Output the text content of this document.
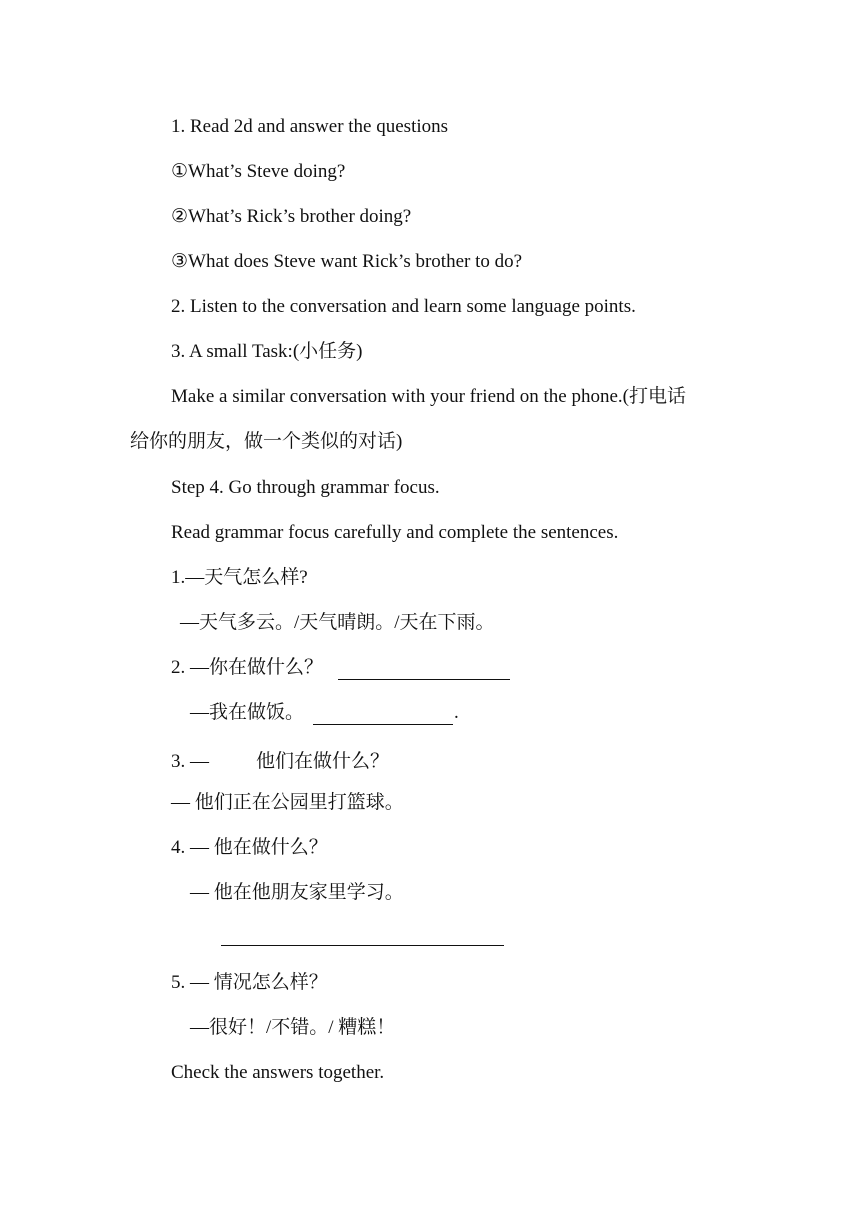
1. Read 2d and answer the questions
①What’s Steve doing?
②What’s Rick’s brother doing?
③What does Steve want Rick’s brother to do?
2. Listen to the conversation and learn some language points.
3. A small Task:(小任务)
Make a similar conversation with your friend on the phone.(打电话
给你的朋友，做一个类似的对话)
Step 4. Go through grammar focus.
Read grammar focus carefully and complete the sentences.
1.—天气怎么样?
—天气多云。/天气晴朗。/天在下雨。
2. —你在做什么？
—我在做饭。	.
3. — 他们在做什么？
— 他们正在公园里打篮球。
4. — 他在做什么？
— 他在他朋友家里学习。
5. — 情况怎么样？
—很好！/不错。/ 糟糕！
Check the answers together.
